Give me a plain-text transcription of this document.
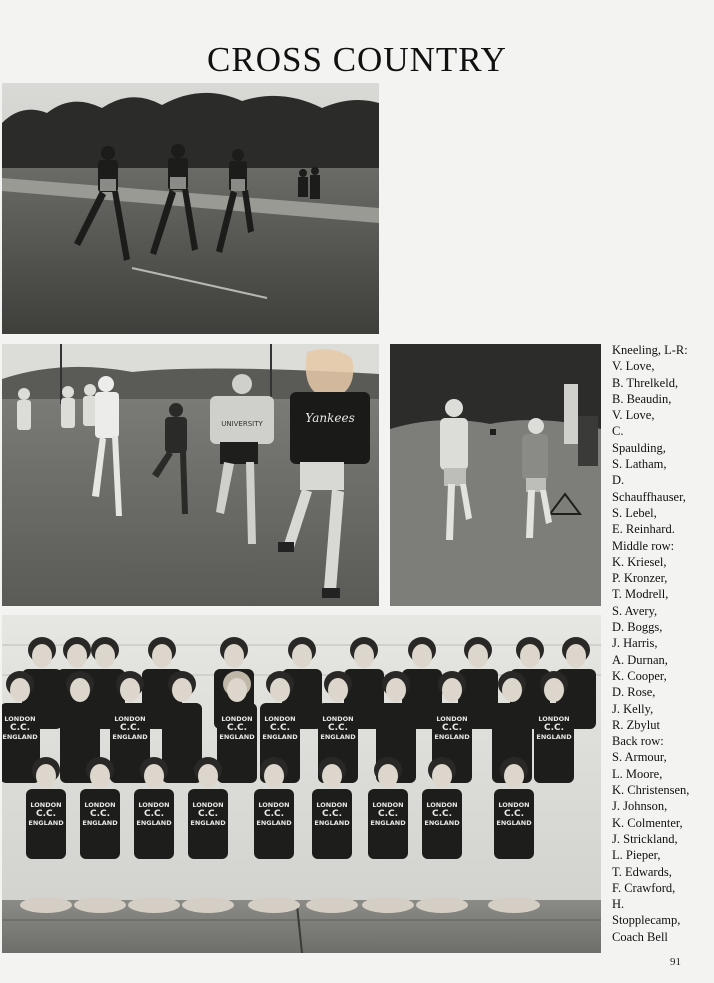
CROSS COUNTRY
UNIVERSITY	Yankees
LONDON
C.C.
ENGLAND
LONDON
C.C.
ENGLAND
LONDON
C.C.
ENGLAND
LONDON
C.C.
ENGLAND
LONDON
C.C.
ENGLAND
LONDON
C.C.
ENGLAND
LONDON
C.C.
ENGLAND
LONDON
C.C.
ENGLAND
LONDON
C.C.
ENGLAND
LONDON
C.C.
ENGLAND
LONDON
C.C.
ENGLAND
LONDON
C.C.
ENGLAND
LONDON
C.C.
ENGLAND
LONDON
C.C.
ENGLAND
LONDON
C.C.
ENGLAND
LONDON
C.C.
ENGLAND
Kneeling, L-R:
V. Love,
B. Threlkeld,
B. Beaudin,
V. Love,
C.
Spaulding,
S. Latham,
D.
Schauffhauser,
S. Lebel,
E. Reinhard.
Middle row:
K. Kriesel,
P. Kronzer,
T. Modrell,
S. Avery,
D. Boggs,
J. Harris,
A. Durnan,
K. Cooper,
D. Rose,
J. Kelly,
R. Zbylut
Back row:
S. Armour,
L. Moore,
K. Christensen,
J. Johnson,
K. Colmenter,
J. Strickland,
L. Pieper,
T. Edwards,
F. Crawford,
H.
Stopplecamp,
Coach Bell
91
